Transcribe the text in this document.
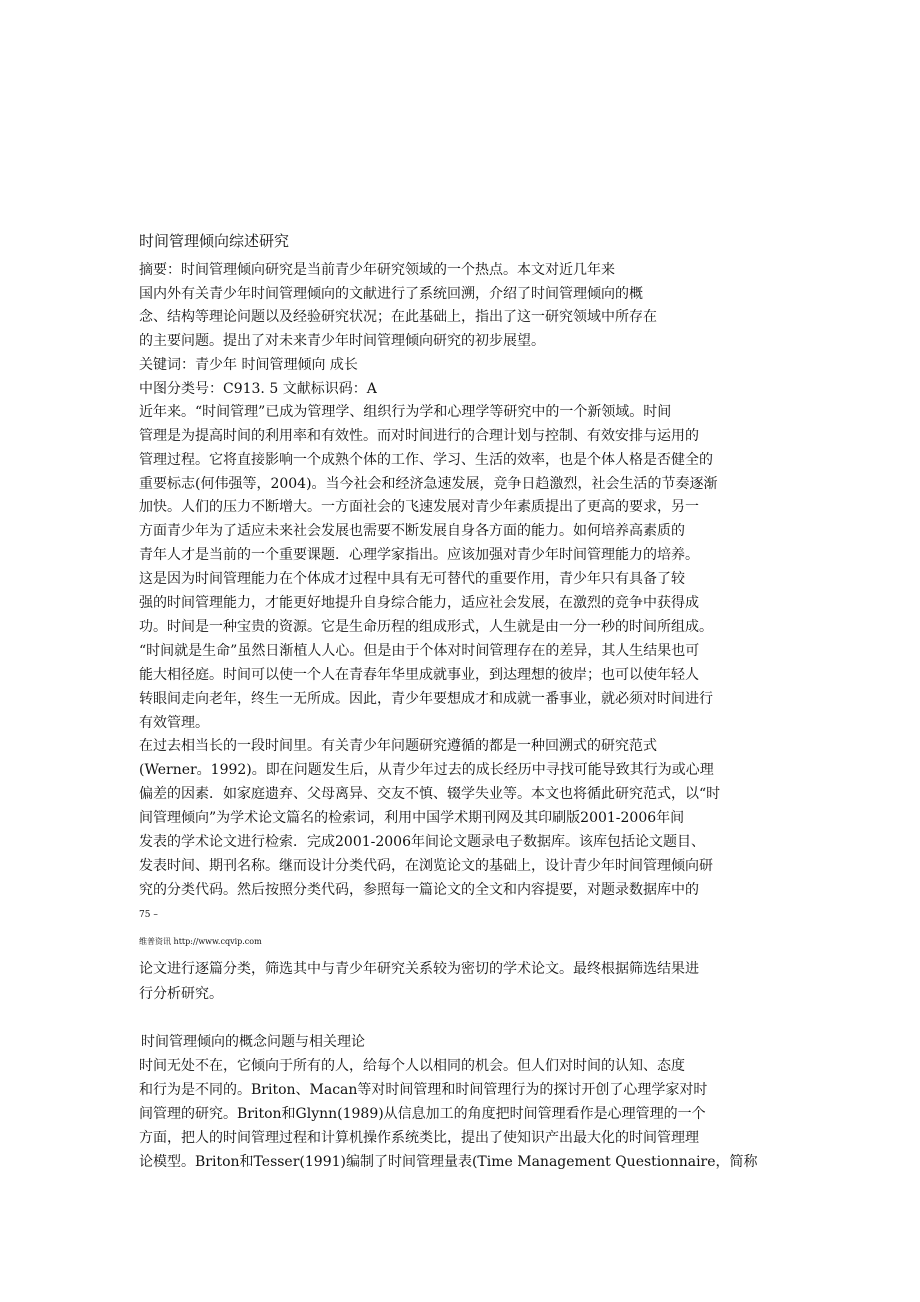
时间管理倾向综述研究
摘要：时间管理倾向研究是当前青少年研究领域的一个热点。本文对近几年来
国内外有关青少年时间管理倾向的文献进行了系统回溯，介绍了时间管理倾向的概
念、结构等理论问题以及经验研究状况；在此基础上，指出了这一研究领域中所存在
的主要问题。提出了对未来青少年时间管理倾向研究的初步展望。
关键词：青少年 时间管理倾向 成长
中图分类号：C913. 5 文献标识码：A
近年来。“时间管理”已成为管理学、组织行为学和心理学等研究中的一个新领域。时间
管理是为提高时间的利用率和有效性。而对时间进行的合理计划与控制、有效安排与运用的
管理过程。它将直接影响一个成熟个体的工作、学习、生活的效率，也是个体人格是否健全的
重要标志(何伟强等，2004)。当今社会和经济急速发展，竞争日趋激烈，社会生活的节奏逐渐
加快。人们的压力不断增大。一方面社会的飞速发展对青少年素质提出了更高的要求，另一
方面青少年为了适应未来社会发展也需要不断发展自身各方面的能力。如何培养高素质的
青年人才是当前的一个重要课题．心理学家指出。应该加强对青少年时间管理能力的培养。
这是因为时间管理能力在个体成才过程中具有无可替代的重要作用，青少年只有具备了较
强的时间管理能力，才能更好地提升自身综合能力，适应社会发展，在激烈的竞争中获得成
功。时间是一种宝贵的资源。它是生命历程的组成形式，人生就是由一分一秒的时间所组成。
“时间就是生命”虽然日渐植人人心。但是由于个体对时间管理存在的差异，其人生结果也可
能大相径庭。时间可以使一个人在青春年华里成就事业，到达理想的彼岸；也可以使年轻人
转眼间走向老年，终生一无所成。因此，青少年要想成才和成就一番事业，就必须对时间进行
有效管理。
在过去相当长的一段时间里。有关青少年问题研究遵循的都是一种回溯式的研究范式
(Werner。1992)。即在问题发生后，从青少年过去的成长经历中寻找可能导致其行为或心理
偏差的因素．如家庭遗弃、父母离异、交友不慎、辍学失业等。本文也将循此研究范式，以“时
间管理倾向”为学术论文篇名的检索词，利用中国学术期刊网及其印刷版2001-2006年间
发表的学术论文进行检索．完成2001-2006年间论文题录电子数据库。该库包括论文题目、
发表时间、期刊名称。继而设计分类代码，在浏览论文的基础上，设计青少年时间管理倾向研
究的分类代码。然后按照分类代码，参照每一篇论文的全文和内容提要，对题录数据库中的
75 –
维普资讯 http://www.cqvip.com
论文进行逐篇分类，筛选其中与青少年研究关系较为密切的学术论文。最终根据筛选结果进
行分析研究。
时间管理倾向的概念问题与相关理论
时间无处不在，它倾向于所有的人，给每个人以相同的机会。但人们对时间的认知、态度
和行为是不同的。Briton、Macan等对时间管理和时间管理行为的探讨开创了心理学家对时
间管理的研究。Briton和Glynn(1989)从信息加工的角度把时间管理看作是心理管理的一个
方面，把人的时间管理过程和计算机操作系统类比，提出了使知识产出最大化的时间管理理
论模型。Briton和Tesser(1991)编制了时间管理量表(Time Management Questionnaire，简称
